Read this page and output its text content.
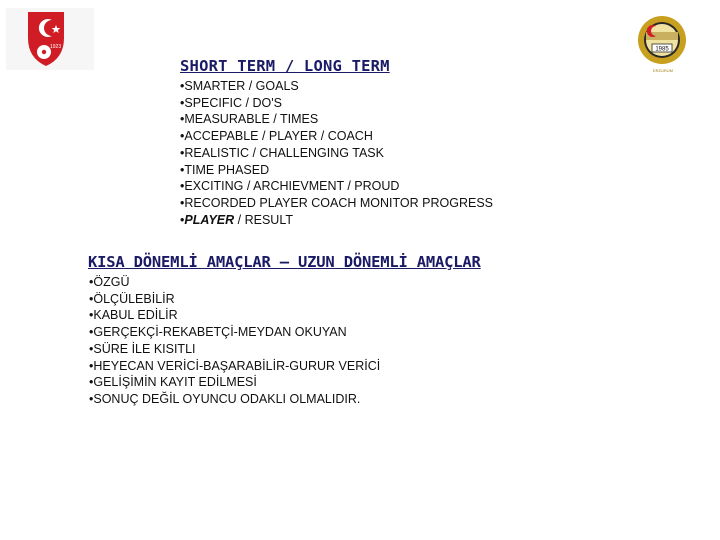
1923	1985
ERZURUM
SHORT TERM / LONG TERM
•SMARTER / GOALS
•SPECIFIC / DO'S
•MEASURABLE / TIMES
•ACCEPABLE / PLAYER / COACH
•REALISTIC / CHALLENGING TASK
•TIME PHASED
•EXCITING / ARCHIEVMENT / PROUD
•RECORDED PLAYER COACH MONITOR PROGRESS
•PLAYER / RESULT
KISA DÖNEMLİ AMAÇLAR – UZUN DÖNEMLİ AMAÇLAR
•ÖZGÜ
•ÖLÇÜLEBİLİR
•KABUL EDİLİR
•GERÇEKÇİ-REKABETÇİ-MEYDAN OKUYAN
•SÜRE İLE KISITLI
•HEYECAN VERİCİ-BAŞARABİLİR-GURUR VERİCİ
•GELİŞİMİN KAYIT EDİLMESİ
•SONUÇ DEĞİL OYUNCU ODAKLI OLMALIDIR.
